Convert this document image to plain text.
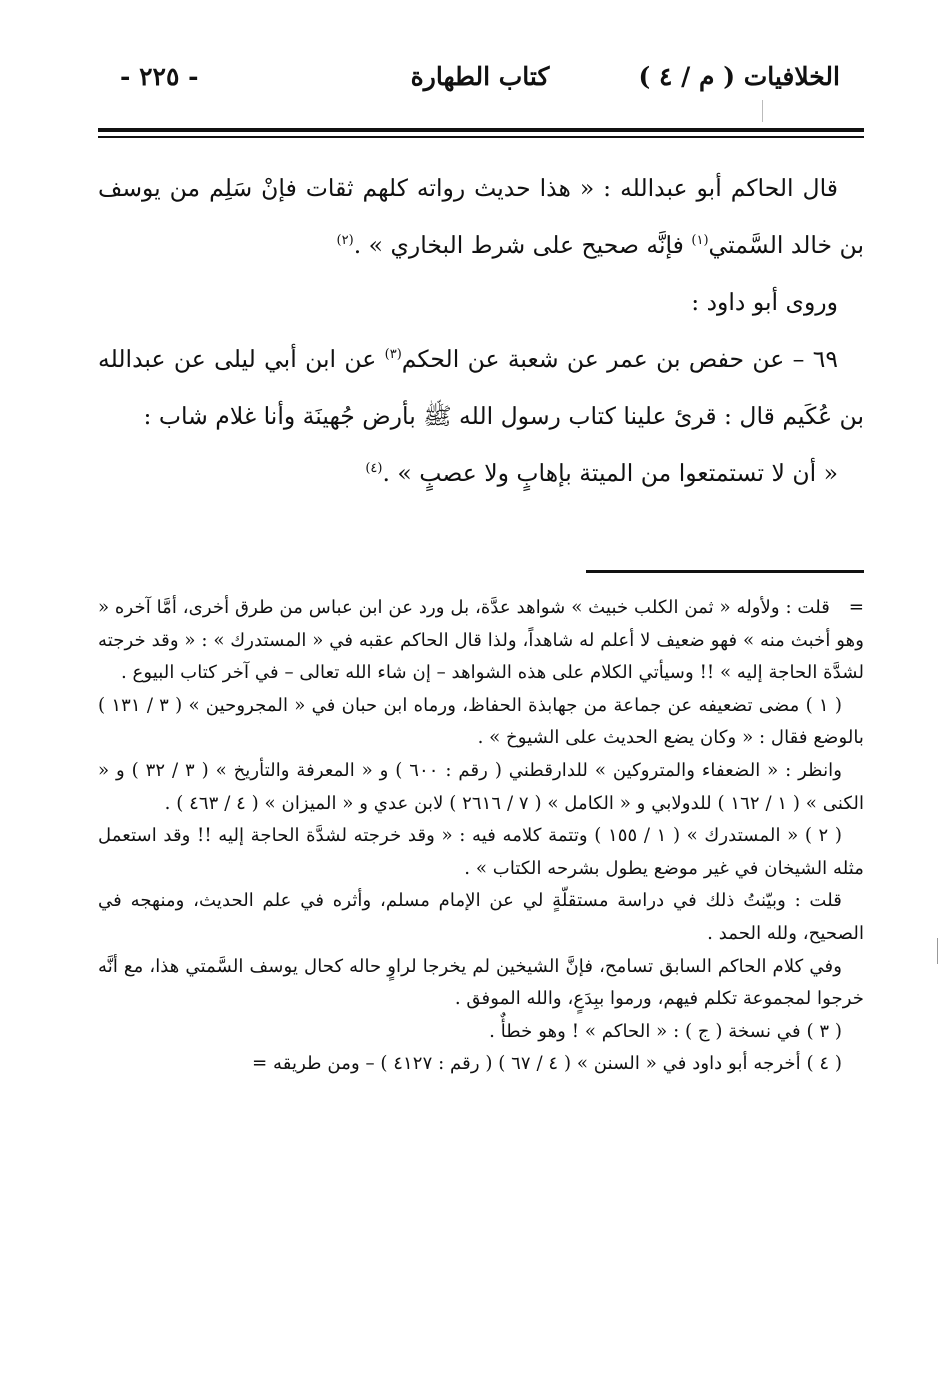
الخلافيات ( م / ٤ )
كتاب الطهارة
- ٢٢٥ -

قال الحاكم أبو عبدالله : « هذا حديث رواته كلهم ثقات فإنْ سَلِم من يوسف بن خالد السَّمتي$^{(١)}$ فإنَّه صحيح على شرط البخاري » .$^{(٢)}$

وروى أبو داود :

٦٩ – عن حفص بن عمر عن شعبة عن الحكم$^{(٣)}$ عن ابن أبي ليلى عن عبدالله بن عُكَيم قال : قرئ علينا كتاب رسول الله ﷺ بأرض جُهينَة وأنا غلام شاب :

« أن لا تستمتعوا من الميتة بإهابٍ ولا عصبٍ » .$^{(٤)}$

=قلت : ولأوله « ثمن الكلب خبيث » شواهد عدَّة، بل ورد عن ابن عباس من طرق أخرى، أمَّا آخره « وهو أخبث منه » فهو ضعيف لا أعلم له شاهداً، ولذا قال الحاكم عقبه في « المستدرك » : « وقد خرجته لشدَّة الحاجة إليه » !! وسيأتي الكلام على هذه الشواهد – إن شاء الله تعالى – في آخر كتاب البيوع .

( ١ ) مضى تضعيفه عن جماعة من جهابذة الحفاظ، ورماه ابن حبان في « المجروحين » ( ٣ / ١٣١ ) بالوضع فقال : « وكان يضع الحديث على الشيوخ » .

وانظر : « الضعفاء والمتروكين » للدارقطني ( رقم : ٦٠٠ ) و « المعرفة والتأريخ » ( ٣ / ٣٢ ) و « الكنى » ( ١ / ١٦٢ ) للدولابي و « الكامل » ( ٧ / ٢٦١٦ ) لابن عدي و « الميزان » ( ٤ / ٤٦٣ ) .

( ٢ ) « المستدرك » ( ١ / ١٥٥ ) وتتمة كلامه فيه : « وقد خرجته لشدَّة الحاجة إليه !! وقد استعمل مثله الشيخان في غير موضع يطول بشرحه الكتاب » .

قلت : وبيّنتُ ذلك في دراسة مستقلّةٍ لي عن الإمام مسلم، وأثره في علم الحديث، ومنهجه في الصحيح، ولله الحمد .

وفي كلام الحاكم السابق تسامح، فإنَّ الشيخين لم يخرجا لراوٍ حاله كحال يوسف السَّمتي هذا، مع أنَّه خرجوا لمجموعة تكلم فيهم، ورموا ببِدَعٍ، والله الموفق .

( ٣ ) في نسخة ( ج ) : « الحاكم » ! وهو خطأٌ .

( ٤ ) أخرجه أبو داود في « السنن » ( ٤ / ٦٧ ) ( رقم : ٤١٢٧ ) – ومن طريقه =
